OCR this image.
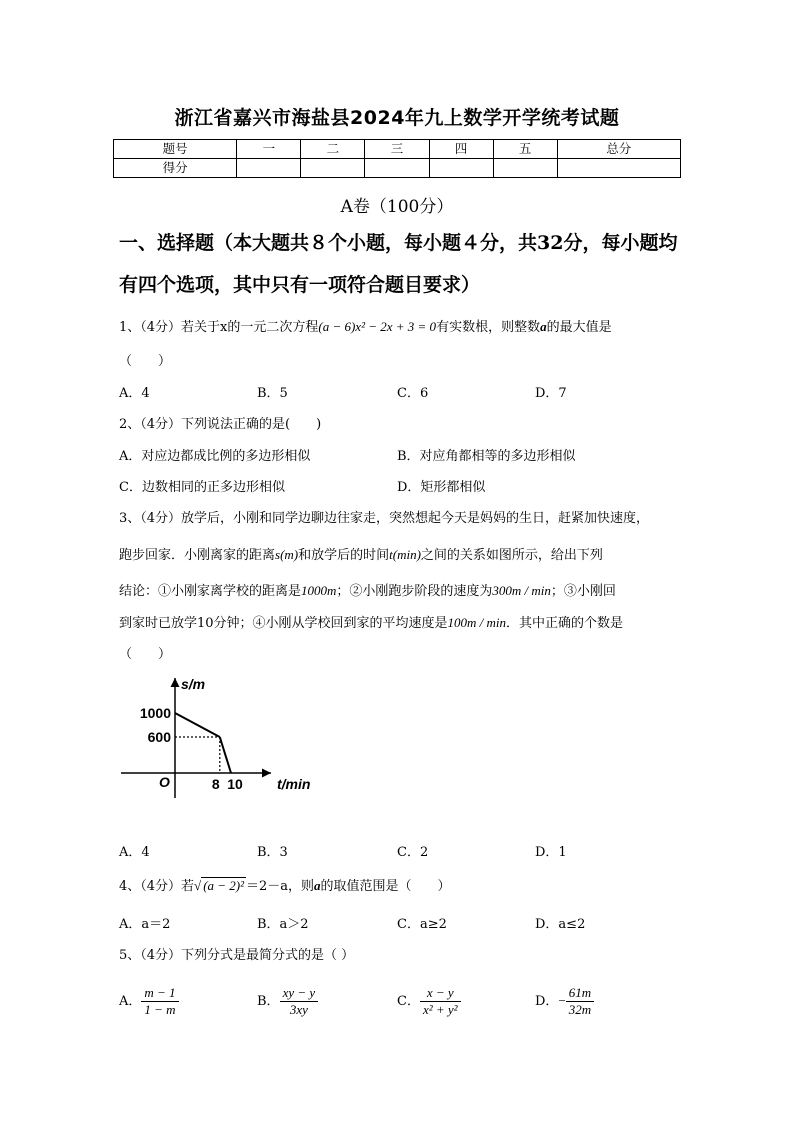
浙江省嘉兴市海盐县2024年九上数学开学统考试题
题号	一	二	三	四	五	总分
得分						
A卷（100分）
一、选择题（本大题共８个小题，每小题４分，共32分，每小题均
有四个选项，其中只有一项符合题目要求）
1、（4分）若关于x的一元二次方程(a − 6)x² − 2x + 3 = 0有实数根，则整数a的最大值是
（　　）
A．4	B．5	C．6	D．7
2、（4分）下列说法正确的是(　　)
A．对应边都成比例的多边形相似	B．对应角都相等的多边形相似
C．边数相同的正多边形相似	D．矩形都相似
3、（4分）放学后，小刚和同学边聊边往家走，突然想起今天是妈妈的生日，赶紧加快速度，
跑步回家．小刚离家的距离s(m)和放学后的时间t(min)之间的关系如图所示，给出下列
结论：①小刚家离学校的距离是1000m；②小刚跑步阶段的速度为300m / min；③小刚回
到家时已放学10分钟；④小刚从学校回到家的平均速度是100m / min．其中正确的个数是
（　　）
1000
600
8 10
s/m
t/min
O
A．4	B．3	C．2	D．1
4、（4分）若√ (a − 2)² ＝2－a，则a的取值范围是（　　）
A．a＝2	B．a＞2	C．a≥2	D．a≤2
5、（4分）下列分式是最简分式的是（ ）
A． $\frac{m - 1}{1 - m}$	B． $\frac{xy - y}{3xy}$	C． $\frac{x - y}{\text{x² + y²}}$	D．− $\frac{61m}{32m}$
